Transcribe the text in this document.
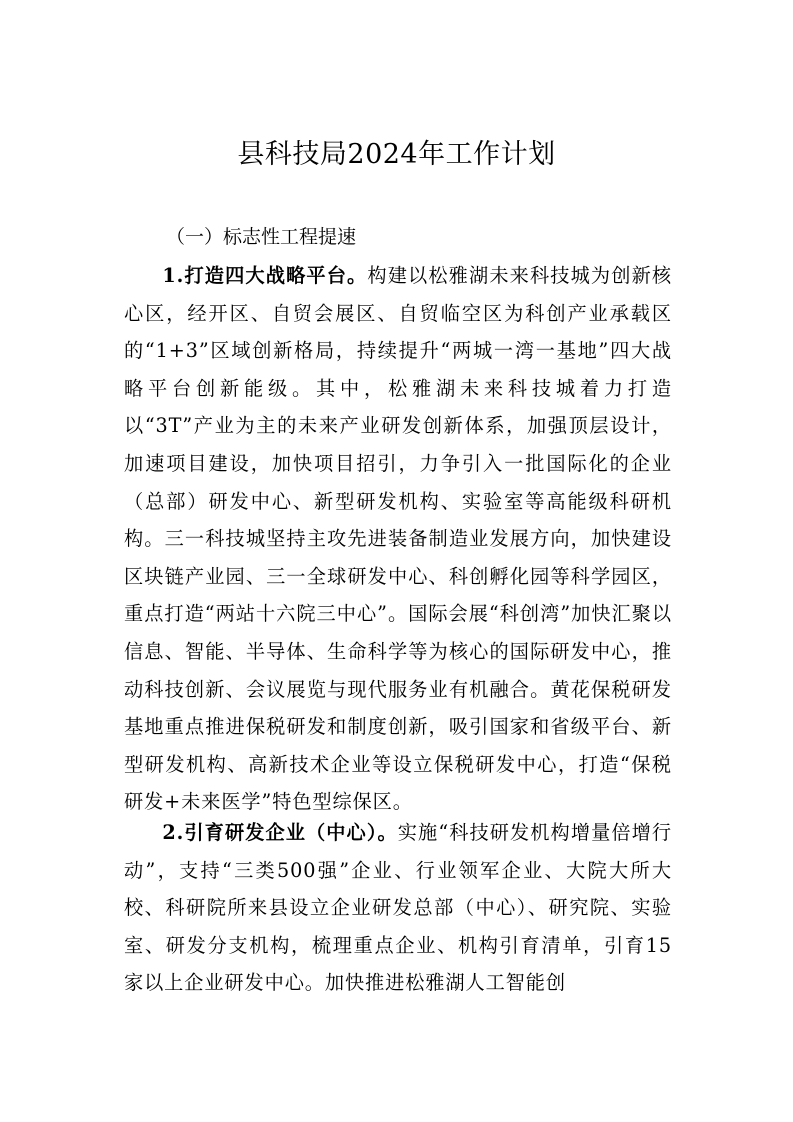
县科技局2024年工作计划
（一）标志性工程提速

1.打造四大战略平台。构建以松雅湖未来科技城为创新核心区，经开区、自贸会展区、自贸临空区为科创产业承载区的“1+3”区域创新格局，持续提升“两城一湾一基地”四大战略平台创新能级。其中，松雅湖未来科技城着力打造以“3T”产业为主的未来产业研发创新体系，加强顶层设计，加速项目建设，加快项目招引，力争引入一批国际化的企业（总部）研发中心、新型研发机构、实验室等高能级科研机构。三一科技城坚持主攻先进装备制造业发展方向，加快建设区块链产业园、三一全球研发中心、科创孵化园等科学园区，重点打造“两站十六院三中心”。国际会展“科创湾”加快汇聚以信息、智能、半导体、生命科学等为核心的国际研发中心，推动科技创新、会议展览与现代服务业有机融合。黄花保税研发基地重点推进保税研发和制度创新，吸引国家和省级平台、新型研发机构、高新技术企业等设立保税研发中心，打造“保税研发+未来医学”特色型综保区。

2.引育研发企业（中心）。实施“科技研发机构增量倍增行动”，支持“三类500强”企业、行业领军企业、大院大所大校、科研院所来县设立企业研发总部（中心）、研究院、实验室、研发分支机构，梳理重点企业、机构引育清单，引育15家以上企业研发中心。加快推进松雅湖人工智能创
